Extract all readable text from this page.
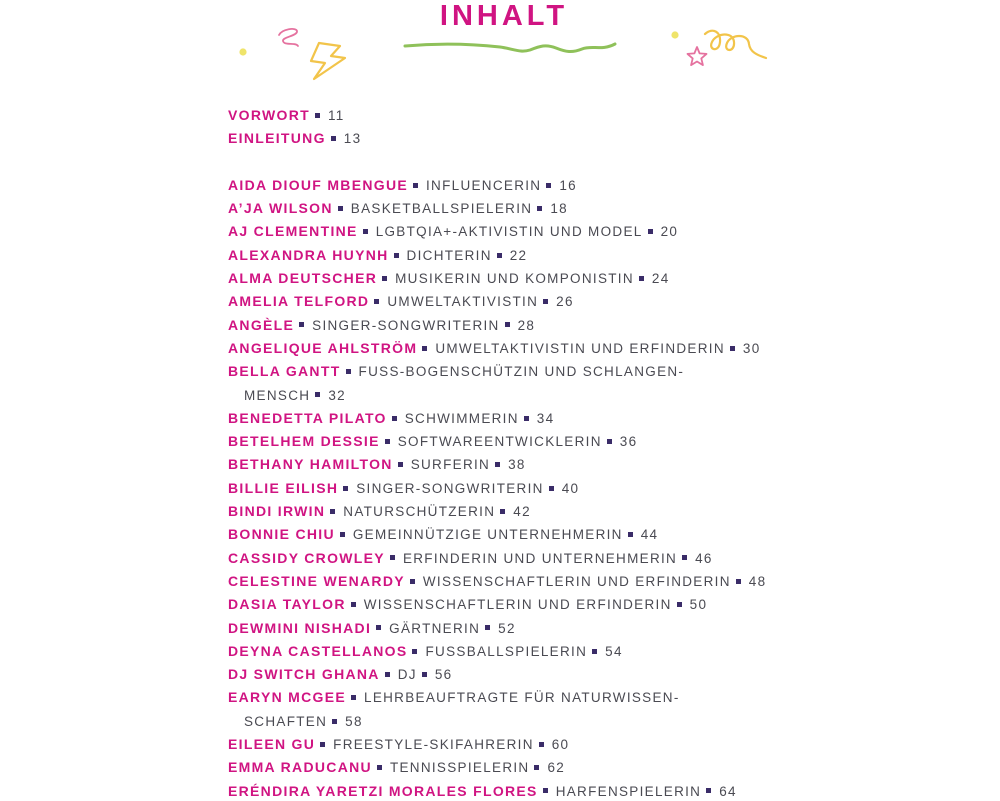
INHALT
VORWORT 11
EINLEITUNG 13
AIDA DIOUF MBENGUE INFLUENCERIN 16
A’JA WILSON BASKETBALLSPIELERIN 18
AJ CLEMENTINE LGBTQIA+-AKTIVISTIN UND MODEL 20
ALEXANDRA HUYNH DICHTERIN 22
ALMA DEUTSCHER MUSIKERIN UND KOMPONISTIN 24
AMELIA TELFORD UMWELTAKTIVISTIN 26
ANGÈLE SINGER-SONGWRITERIN 28
ANGELIQUE AHLSTRÖM UMWELTAKTIVISTIN UND ERFINDERIN 30
BELLA GANTT FUSS-BOGENSCHÜTZIN UND SCHLANGEN-
MENSCH 32
BENEDETTA PILATO SCHWIMMERIN 34
BETELHEM DESSIE SOFTWAREENTWICKLERIN 36
BETHANY HAMILTON SURFERIN 38
BILLIE EILISH SINGER-SONGWRITERIN 40
BINDI IRWIN NATURSCHÜTZERIN 42
BONNIE CHIU GEMEINNÜTZIGE UNTERNEHMERIN 44
CASSIDY CROWLEY ERFINDERIN UND UNTERNEHMERIN 46
CELESTINE WENARDY WISSENSCHAFTLERIN UND ERFINDERIN 48
DASIA TAYLOR WISSENSCHAFTLERIN UND ERFINDERIN 50
DEWMINI NISHADI GÄRTNERIN 52
DEYNA CASTELLANOS FUSSBALLSPIELERIN 54
DJ SWITCH GHANA DJ 56
EARYN MCGEE LEHRBEAUFTRAGTE FÜR NATURWISSEN-
SCHAFTEN 58
EILEEN GU FREESTYLE-SKIFAHRERIN 60
EMMA RADUCANU TENNISSPIELERIN 62
ERÉNDIRA YARETZI MORALES FLORES HARFENSPIELERIN 64
